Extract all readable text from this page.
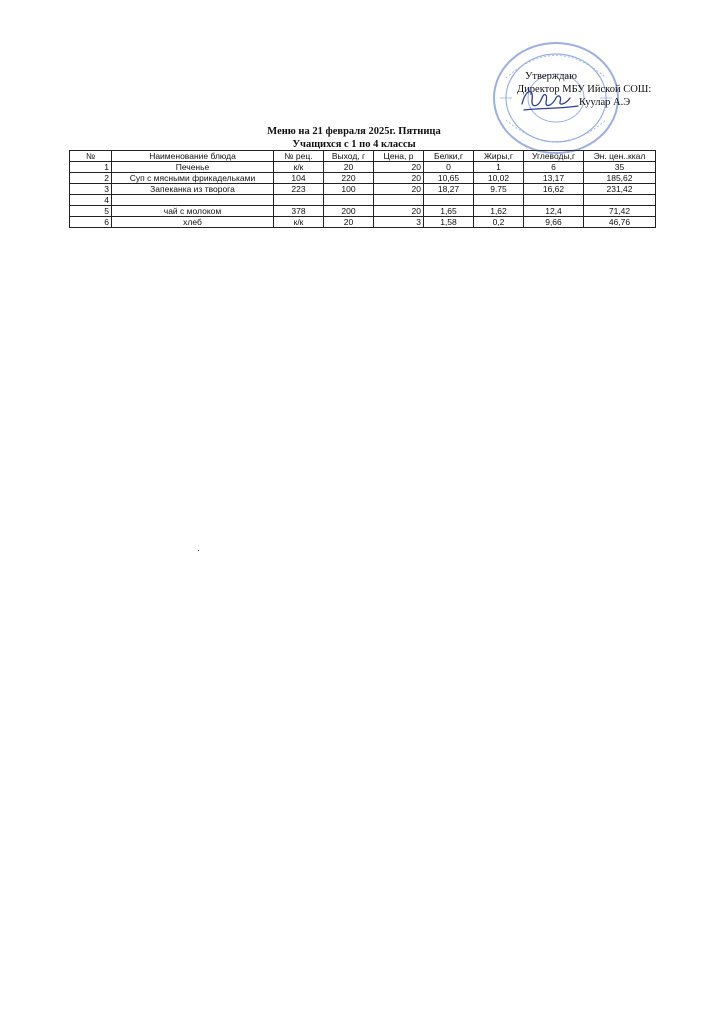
Утверждаю
Директор МБУ Ийской СОШ:
Куулар А.Э
Меню на 21 февраля 2025г. Пятница
Учащихся с 1 по 4 классы
№	Наименование блюда	№ рец.	Выход, г	Цена, р	Белки,г	Жиры,г	Углеводы,г	Эн. цен..ккал
1	Печенье	к/к	20	20	0	1	6	35
2	Суп с мясными фрикадельками	104	220	20	10,65	10,02	13,17	185,62
3	Запеканка из творога	223	100	20	18,27	9.75	16,62	231,42
4								
5	чай с молоком	378	200	20	1,65	1,62	12,4	71,42
6	хлеб	к/к	20	3	1,58	0,2	9,66	46,76
